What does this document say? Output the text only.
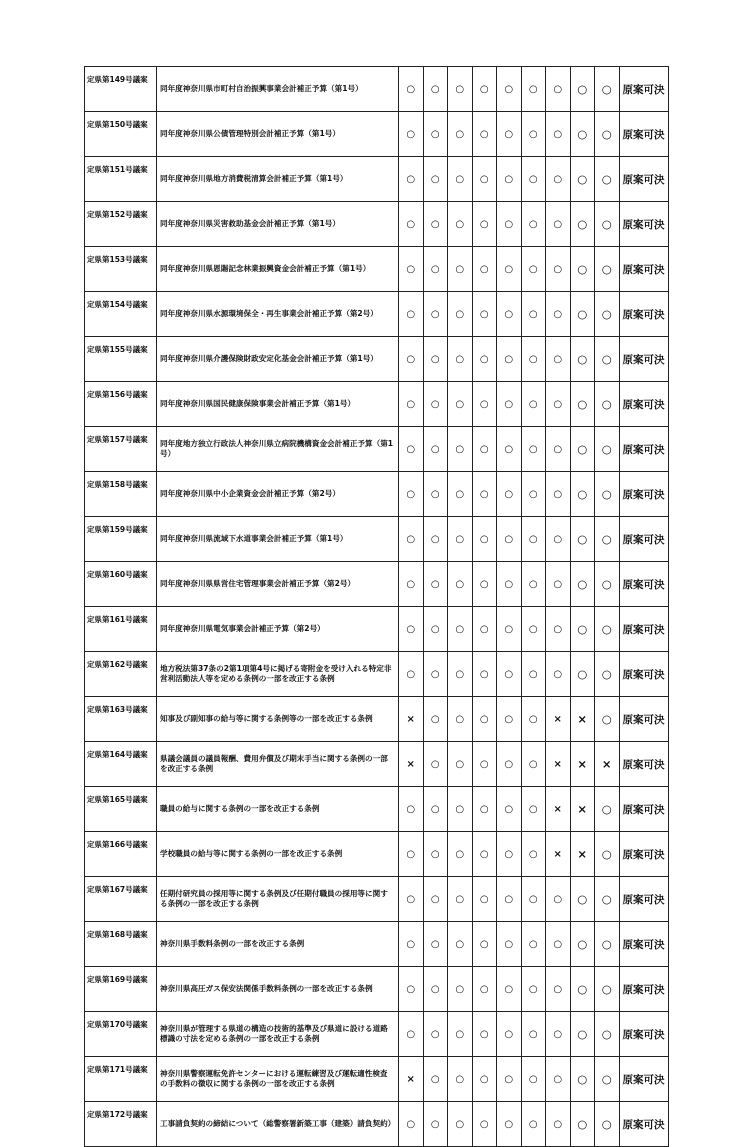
定県第149号議案	同年度神奈川県市町村自治振興事業会計補正予算（第1号）	○	○	○	○	○	○	○	○	○	原案可決
定県第150号議案	同年度神奈川県公債管理特別会計補正予算（第1号）	○	○	○	○	○	○	○	○	○	原案可決
定県第151号議案	同年度神奈川県地方消費税清算会計補正予算（第1号）	○	○	○	○	○	○	○	○	○	原案可決
定県第152号議案	同年度神奈川県災害救助基金会計補正予算（第1号）	○	○	○	○	○	○	○	○	○	原案可決
定県第153号議案	同年度神奈川県恩賜記念林業振興資金会計補正予算（第1号）	○	○	○	○	○	○	○	○	○	原案可決
定県第154号議案	同年度神奈川県水源環境保全・再生事業会計補正予算（第2号）	○	○	○	○	○	○	○	○	○	原案可決
定県第155号議案	同年度神奈川県介護保険財政安定化基金会計補正予算（第1号）	○	○	○	○	○	○	○	○	○	原案可決
定県第156号議案	同年度神奈川県国民健康保険事業会計補正予算（第1号）	○	○	○	○	○	○	○	○	○	原案可決
定県第157号議案	同年度地方独立行政法人神奈川県立病院機構資金会計補正予算（第1号）	○	○	○	○	○	○	○	○	○	原案可決
定県第158号議案	同年度神奈川県中小企業資金会計補正予算（第2号）	○	○	○	○	○	○	○	○	○	原案可決
定県第159号議案	同年度神奈川県流域下水道事業会計補正予算（第1号）	○	○	○	○	○	○	○	○	○	原案可決
定県第160号議案	同年度神奈川県県営住宅管理事業会計補正予算（第2号）	○	○	○	○	○	○	○	○	○	原案可決
定県第161号議案	同年度神奈川県電気事業会計補正予算（第2号）	○	○	○	○	○	○	○	○	○	原案可決
定県第162号議案	地方税法第37条の2第1項第4号に掲げる寄附金を受け入れる特定非営利活動法人等を定める条例の一部を改正する条例	○	○	○	○	○	○	○	○	○	原案可決
定県第163号議案	知事及び副知事の給与等に関する条例等の一部を改正する条例	×	○	○	○	○	○	×	×	○	原案可決
定県第164号議案	県議会議員の議員報酬、費用弁償及び期末手当に関する条例の一部を改正する条例	×	○	○	○	○	○	×	×	×	原案可決
定県第165号議案	職員の給与に関する条例の一部を改正する条例	○	○	○	○	○	○	×	×	○	原案可決
定県第166号議案	学校職員の給与等に関する条例の一部を改正する条例	○	○	○	○	○	○	×	×	○	原案可決
定県第167号議案	任期付研究員の採用等に関する条例及び任期付職員の採用等に関する条例の一部を改正する条例	○	○	○	○	○	○	○	○	○	原案可決
定県第168号議案	神奈川県手数料条例の一部を改正する条例	○	○	○	○	○	○	○	○	○	原案可決
定県第169号議案	神奈川県高圧ガス保安法関係手数料条例の一部を改正する条例	○	○	○	○	○	○	○	○	○	原案可決
定県第170号議案	神奈川県が管理する県道の構造の技術的基準及び県道に設ける道路標識の寸法を定める条例の一部を改正する条例	○	○	○	○	○	○	○	○	○	原案可決
定県第171号議案	神奈川県警察運転免許センターにおける運転練習及び運転適性検査の手数料の徴収に関する条例の一部を改正する条例	×	○	○	○	○	○	○	○	○	原案可決
定県第172号議案	工事請負契約の締結について（総警察署新築工事（建築）請負契約）	○	○	○	○	○	○	○	○	○	原案可決
